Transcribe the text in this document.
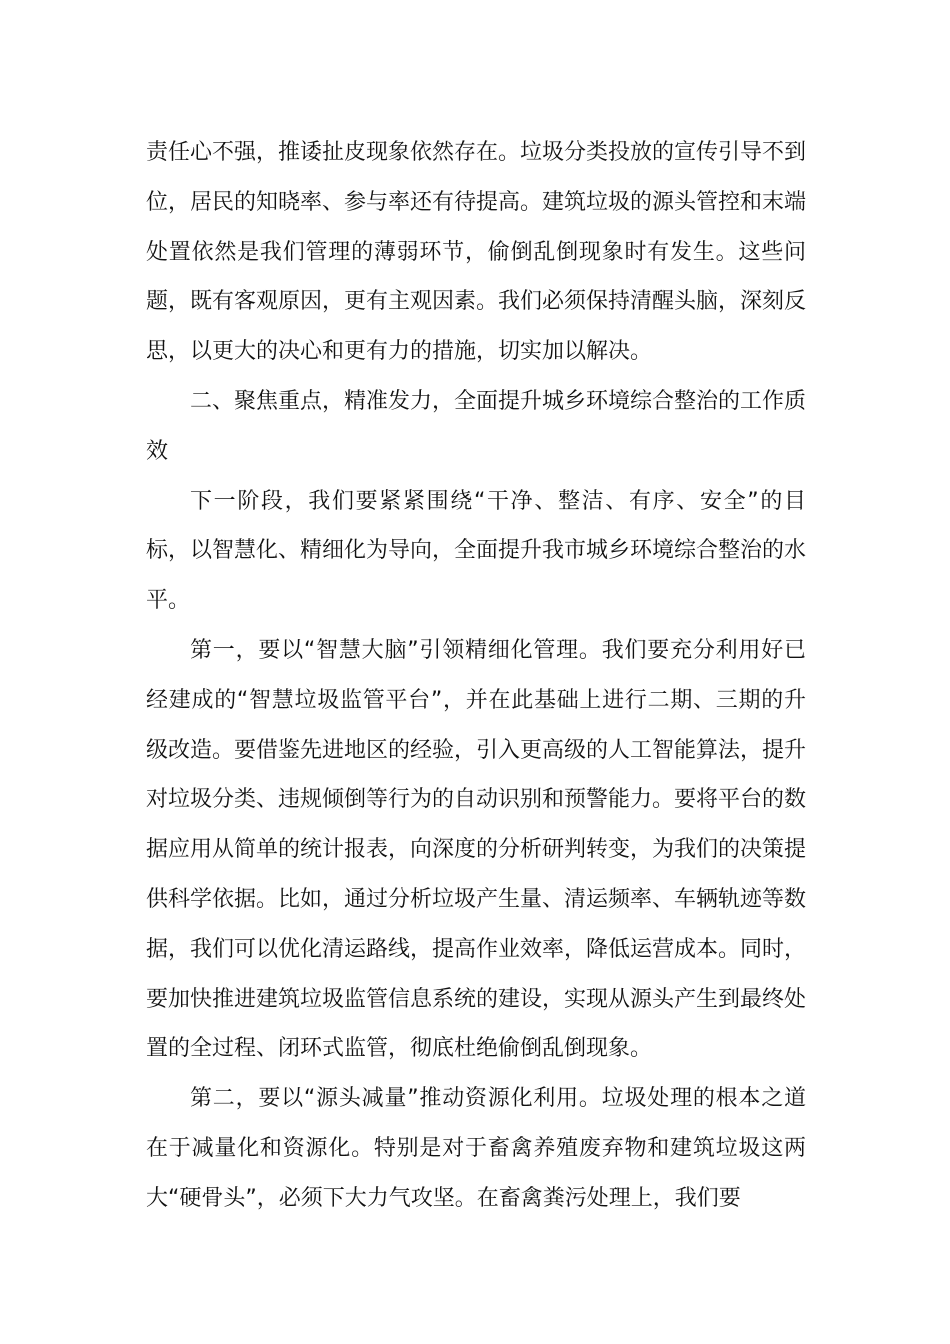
责任心不强，推诿扯皮现象依然存在。垃圾分类投放的宣传引导不到位，居民的知晓率、参与率还有待提高。建筑垃圾的源头管控和末端处置依然是我们管理的薄弱环节，偷倒乱倒现象时有发生。这些问题，既有客观原因，更有主观因素。我们必须保持清醒头脑，深刻反思，以更大的决心和更有力的措施，切实加以解决。

二、聚焦重点，精准发力，全面提升城乡环境综合整治的工作质效

下一阶段，我们要紧紧围绕“干净、整洁、有序、安全”的目标，以智慧化、精细化为导向，全面提升我市城乡环境综合整治的水平。

第一，要以“智慧大脑”引领精细化管理。我们要充分利用好已经建成的“智慧垃圾监管平台”，并在此基础上进行二期、三期的升级改造。要借鉴先进地区的经验，引入更高级的人工智能算法，提升对垃圾分类、违规倾倒等行为的自动识别和预警能力。要将平台的数据应用从简单的统计报表，向深度的分析研判转变，为我们的决策提供科学依据。比如，通过分析垃圾产生量、清运频率、车辆轨迹等数据，我们可以优化清运路线，提高作业效率，降低运营成本。同时，要加快推进建筑垃圾监管信息系统的建设，实现从源头产生到最终处置的全过程、闭环式监管，彻底杜绝偷倒乱倒现象。

第二，要以“源头减量”推动资源化利用。垃圾处理的根本之道在于减量化和资源化。特别是对于畜禽养殖废弃物和建筑垃圾这两大“硬骨头”，必须下大力气攻坚。在畜禽粪污处理上，我们要
